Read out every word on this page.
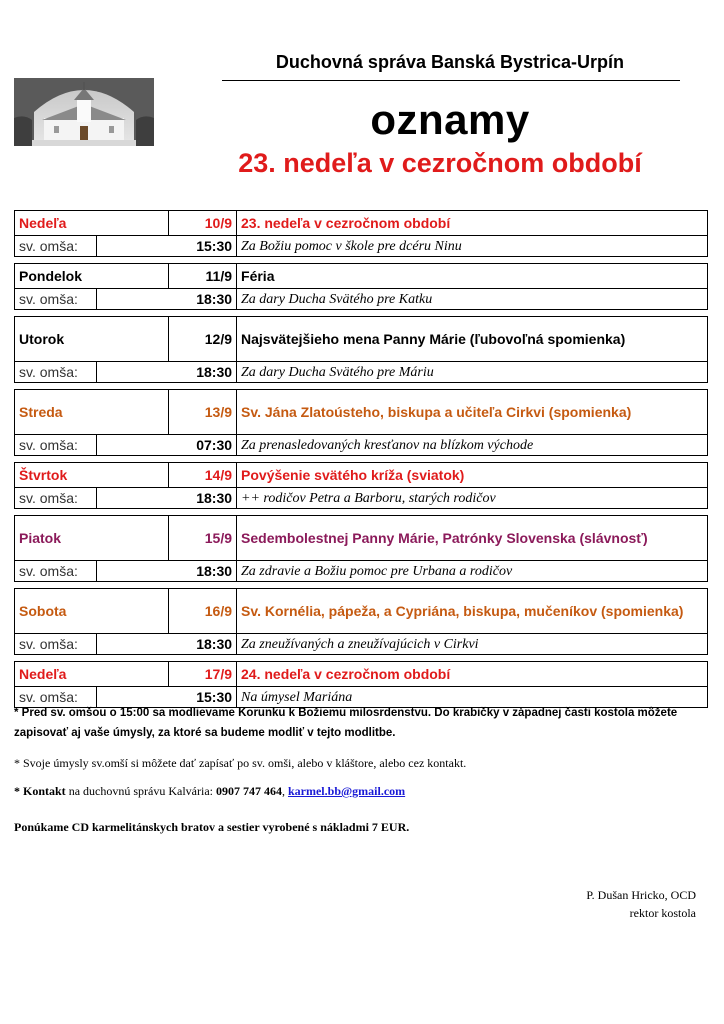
Duchovná správa Banská Bystrica-Urpín
oznamy
23. nedeľa v cezročnom období
Nedeľa		10/9	23. nedeľa v cezročnom období
sv. omša:	15:30		Za Božiu pomoc v škole pre dcéru Ninu

Pondelok		11/9	Féria
sv. omša:	18:30		Za dary Ducha Svätého pre Katku

Utorok		12/9	Najsvätejšieho mena Panny Márie (ľubovoľná spomienka)
sv. omša:	18:30		Za dary Ducha Svätého pre Máriu

Streda		13/9	Sv. Jána Zlatoústeho, biskupa a učiteľa Cirkvi (spomienka)
sv. omša:	07:30		Za prenasledovaných kresťanov na blízkom východe

Štvrtok		14/9	Povýšenie svätého kríža (sviatok)
sv. omša:	18:30		++ rodičov Petra a Barboru, starých rodičov

Piatok		15/9	Sedembolestnej Panny Márie, Patrónky Slovenska (slávnosť)
sv. omša:	18:30		Za zdravie a Božiu pomoc pre Urbana a rodičov

Sobota		16/9	Sv. Kornélia, pápeža, a Cypriána, biskupa, mučeníkov (spomienka)
sv. omša:	18:30		Za zneužívaných a zneužívajúcich v Cirkvi

Nedeľa		17/9	24. nedeľa v cezročnom období
sv. omša:	15:30		Na úmysel Mariána
* Pred sv. omšou o 15:00 sa modlievame Korunku k Božiemu milosrdenstvu. Do krabičky v západnej časti kostola môžete zapisovať aj vaše úmysly, za ktoré sa budeme modliť v tejto modlitbe.
* Svoje úmysly sv.omší si môžete dať zapísať po sv. omši, alebo v kláštore, alebo cez kontakt.
* Kontakt na duchovnú správu Kalvária: 0907 747 464, karmel.bb@gmail.com
Ponúkame CD karmelitánskych bratov a sestier vyrobené s nákladmi 7 EUR.
P. Dušan Hricko, OCD
rektor kostola
